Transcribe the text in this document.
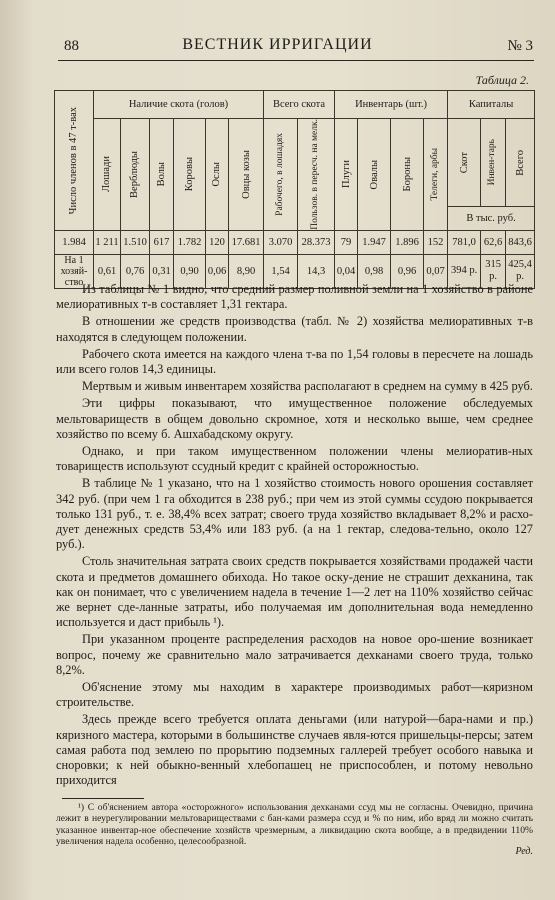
88	ВЕСТНИК ИРРИГАЦИИ	№ 3
Таблица 2.
Число членов в 47 т-вах	Наличие скота (голов)						Всего скота		Инвентарь (шт.)				Капиталы		

	Лошади	Верблюды	Волы	Коровы	Ослы	Овцы козы	Рабочего, в лошадях	Пользов. в пересч. на мелк.	Плуги	Овалы	Бороны	Телеги, арбы	Скот	Инвен-тарь	Всего

													В тыс. руб.		
1.984	1 211	1.510	617	1.782	120	17.681	3.070	28.373	79	1.947	1.896	152	781,0	62,6	843,6
На 1 хозяй-ство	0,61	0,76	0,31	0,90	0,06	8,90	1,54	14,3	0,04	0,98	0,96	0,07	394 р.	315 р.	425,4 р.

Из таблицы № 1 видно, что средний размер поливной земли на 1 хозяйство в районе мелиоративных т-в составляет 1,31 гектара.

В отношении же средств производства (табл. № 2) хозяйства мелиоративных т-в находятся в следующем положении.

Рабочего скота имеется на каждого члена т-ва по 1,54 головы в пересчете на лошадь или всего голов 14,3 единицы.

Мертвым и живым инвентарем хозяйства располагают в среднем на сумму в 425 руб.

Эти цифры показывают, что имущественное положение обследуемых мельтовариществ в общем довольно скромное, хотя и несколько выше, чем среднее хозяйство по всему б. Ашхабадскому округу.

Однако, и при таком имущественном положении члены мелиоратив-ных товариществ используют ссудный кредит с крайней осторожностью.

В таблице № 1 указано, что на 1 хозяйство стоимость нового орошения составляет 342 руб. (при чем 1 га обходится в 238 руб.; при чем из этой суммы ссудою покрывается только 131 руб., т. е. 38,4% всех затрат; своего труда хозяйство вкладывает 8,2% и расхо-дует денежных средств 53,4% или 183 руб. (а на 1 гектар, следова-тельно, около 127 руб.).

Столь значительная затрата своих средств покрывается хозяйствами продажей части скота и предметов домашнего обихода. Но такое оску-дение не страшит дехканина, так как он понимает, что с увеличением надела в течение 1—2 лет на 110% хозяйство сейчас же вернет сде-ланные затраты, ибо получаемая им дополнительная вода немедленно используется и даст прибыль ¹).

При указанном проценте распределения расходов на новое оро-шение возникает вопрос, почему же сравнительно мало затрачивается дехканами своего труда, только 8,2%.

Об'яснение этому мы находим в характере производимых работ—кяризном строительстве.

Здесь прежде всего требуется оплата деньгами (или натурой—бара-нами и пр.) кяризного мастера, которыми в большинстве случаев явля-ются пришельцы-персы; затем самая работа под землею по прорытию подземных галлерей требует особого навыка и сноровки; к ней обыкно-венный хлебопашец не приспособлен, и потому невольно приходится

¹) С об'яснением автора «осторожного» использования дехканами ссуд мы не согласны. Очевидно, причина лежит в неурегулировании мельтовариществами с бан-ками размера ссуд и % по ним, ибо вряд ли можно считать указанное инвентар-ное обеспечение хозяйств чрезмерным, а ликвидацию скота вообще, а в предвидении 110% увеличения надела особенно, целесообразной.

Ред.
